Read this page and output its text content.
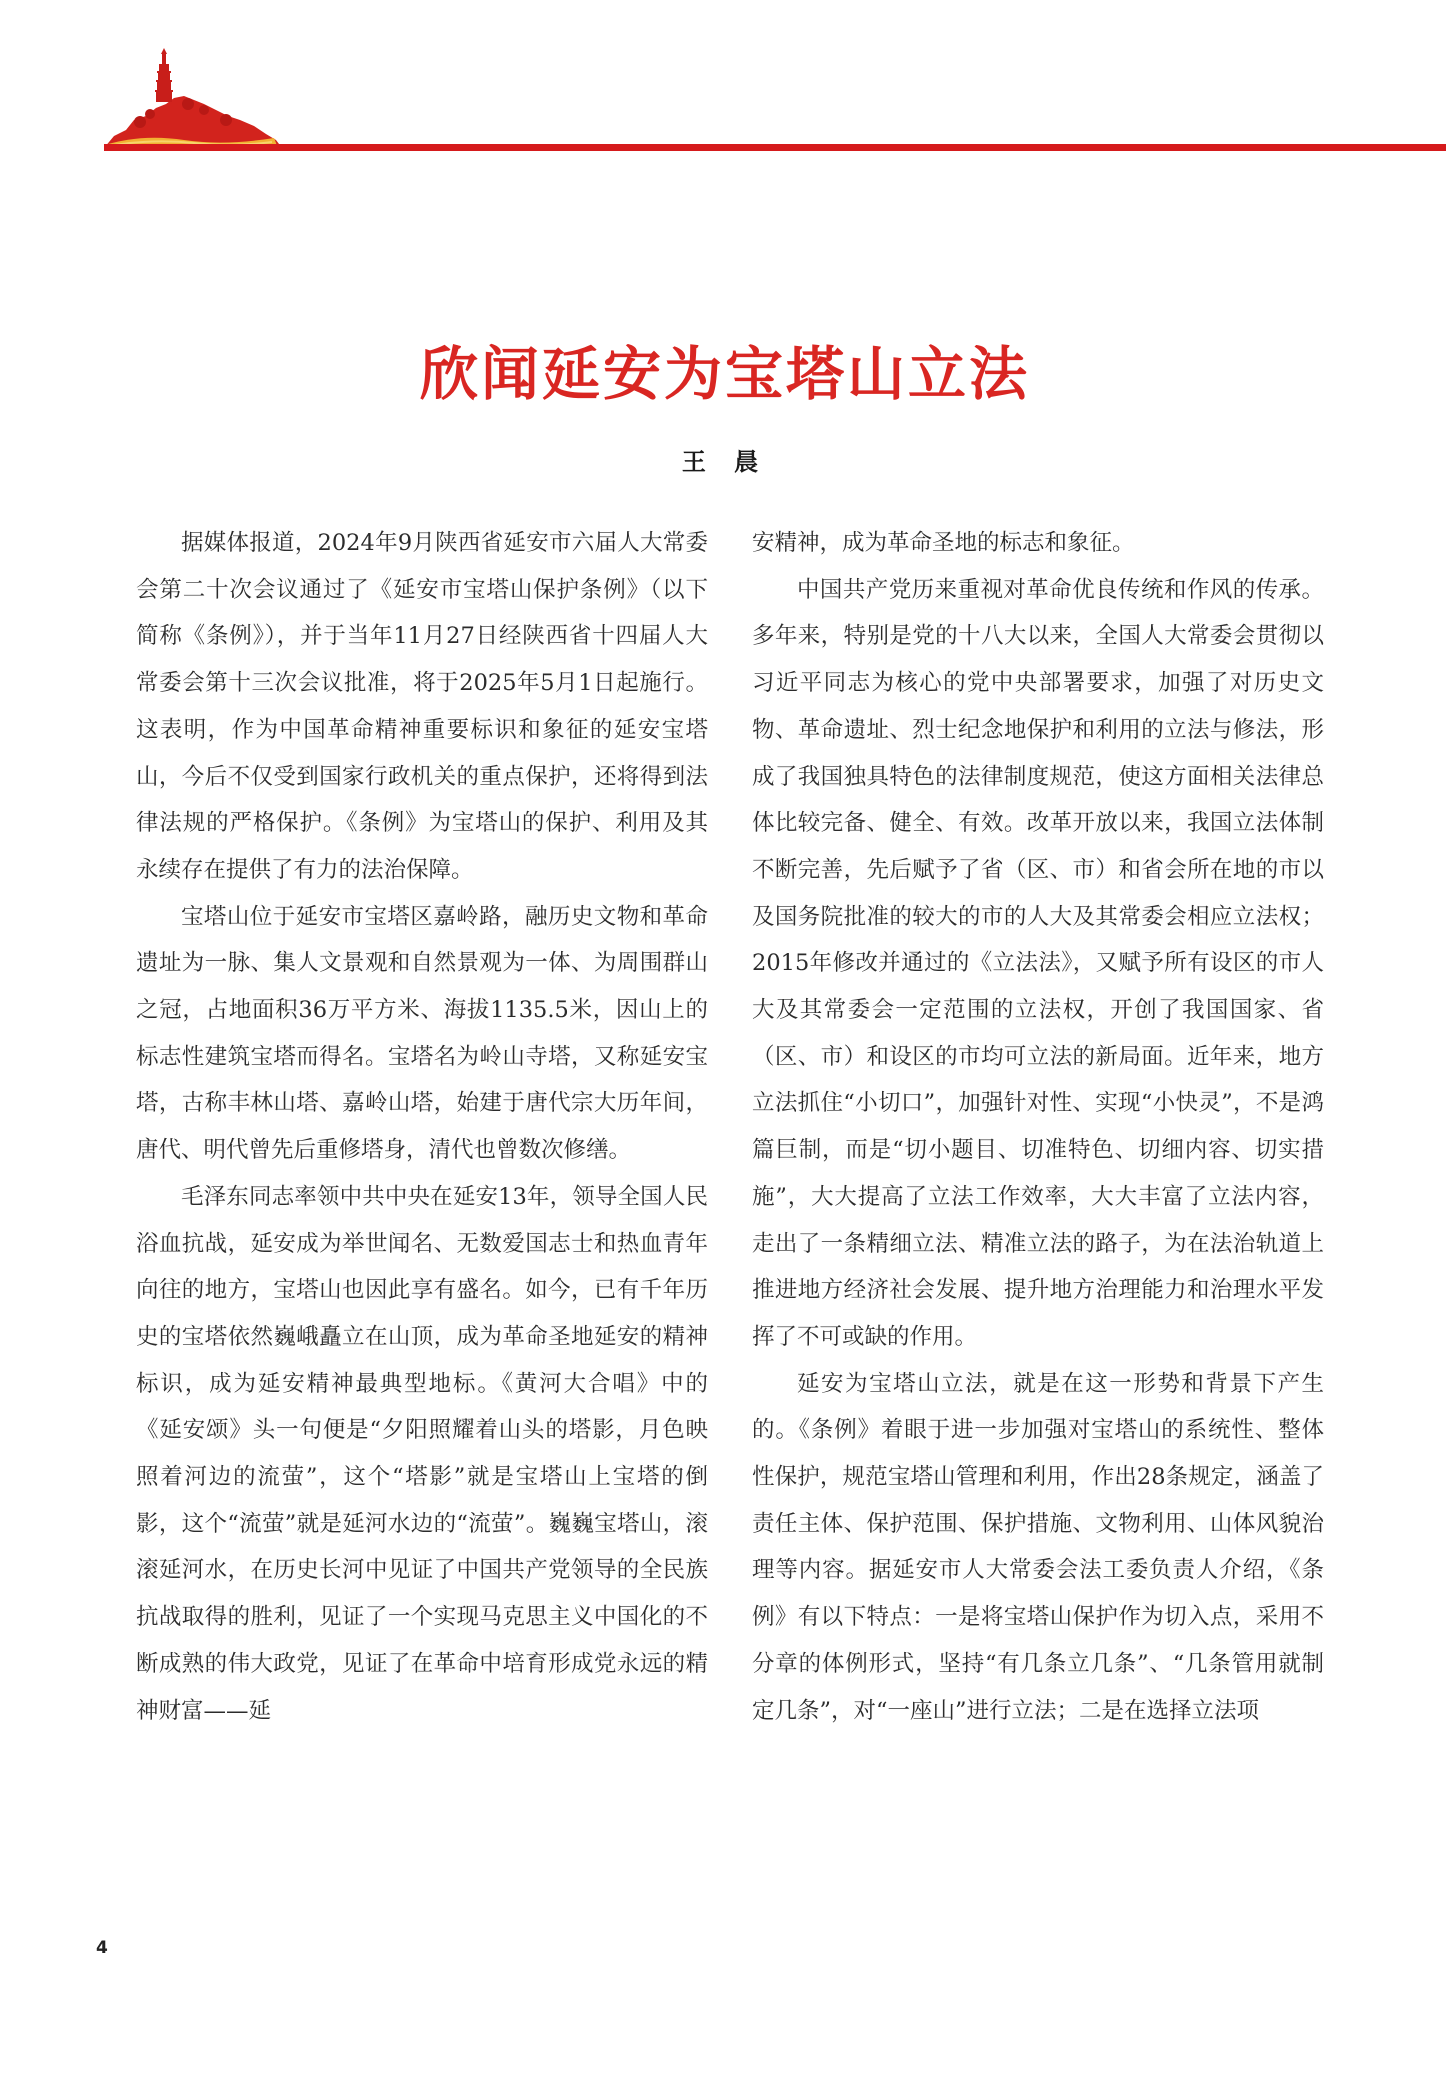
欣闻延安为宝塔山立法
王 晨

据媒体报道，2024年9月陕西省延安市六届人大常委会第二十次会议通过了《延安市宝塔山保护条例》（以下简称《条例》），并于当年11月27日经陕西省十四届人大常委会第十三次会议批准，将于2025年5月1日起施行。这表明，作为中国革命精神重要标识和象征的延安宝塔山，今后不仅受到国家行政机关的重点保护，还将得到法律法规的严格保护。《条例》为宝塔山的保护、利用及其永续存在提供了有力的法治保障。

宝塔山位于延安市宝塔区嘉岭路，融历史文物和革命遗址为一脉、集人文景观和自然景观为一体、为周围群山之冠，占地面积36万平方米、海拔1135.5米，因山上的标志性建筑宝塔而得名。宝塔名为岭山寺塔，又称延安宝塔，古称丰林山塔、嘉岭山塔，始建于唐代宗大历年间，唐代、明代曾先后重修塔身，清代也曾数次修缮。

毛泽东同志率领中共中央在延安13年，领导全国人民浴血抗战，延安成为举世闻名、无数爱国志士和热血青年向往的地方，宝塔山也因此享有盛名。如今，已有千年历史的宝塔依然巍峨矗立在山顶，成为革命圣地延安的精神标识，成为延安精神最典型地标。《黄河大合唱》中的《延安颂》头一句便是“夕阳照耀着山头的塔影，月色映照着河边的流萤”，这个“塔影”就是宝塔山上宝塔的倒影，这个“流萤”就是延河水边的“流萤”。巍巍宝塔山，滚滚延河水，在历史长河中见证了中国共产党领导的全民族抗战取得的胜利，见证了一个实现马克思主义中国化的不断成熟的伟大政党，见证了在革命中培育形成党永远的精神财富——延

安精神，成为革命圣地的标志和象征。

中国共产党历来重视对革命优良传统和作风的传承。多年来，特别是党的十八大以来，全国人大常委会贯彻以习近平同志为核心的党中央部署要求，加强了对历史文物、革命遗址、烈士纪念地保护和利用的立法与修法，形成了我国独具特色的法律制度规范，使这方面相关法律总体比较完备、健全、有效。改革开放以来，我国立法体制不断完善，先后赋予了省（区、市）和省会所在地的市以及国务院批准的较大的市的人大及其常委会相应立法权；2015年修改并通过的《立法法》，又赋予所有设区的市人大及其常委会一定范围的立法权，开创了我国国家、省（区、市）和设区的市均可立法的新局面。近年来，地方立法抓住“小切口”，加强针对性、实现“小快灵”，不是鸿篇巨制，而是“切小题目、切准特色、切细内容、切实措施”，大大提高了立法工作效率，大大丰富了立法内容，走出了一条精细立法、精准立法的路子，为在法治轨道上推进地方经济社会发展、提升地方治理能力和治理水平发挥了不可或缺的作用。

延安为宝塔山立法，就是在这一形势和背景下产生的。《条例》着眼于进一步加强对宝塔山的系统性、整体性保护，规范宝塔山管理和利用，作出28条规定，涵盖了责任主体、保护范围、保护措施、文物利用、山体风貌治理等内容。据延安市人大常委会法工委负责人介绍，《条例》有以下特点：一是将宝塔山保护作为切入点，采用不分章的体例形式，坚持“有几条立几条”、“几条管用就制定几条”，对“一座山”进行立法；二是在选择立法项

4
